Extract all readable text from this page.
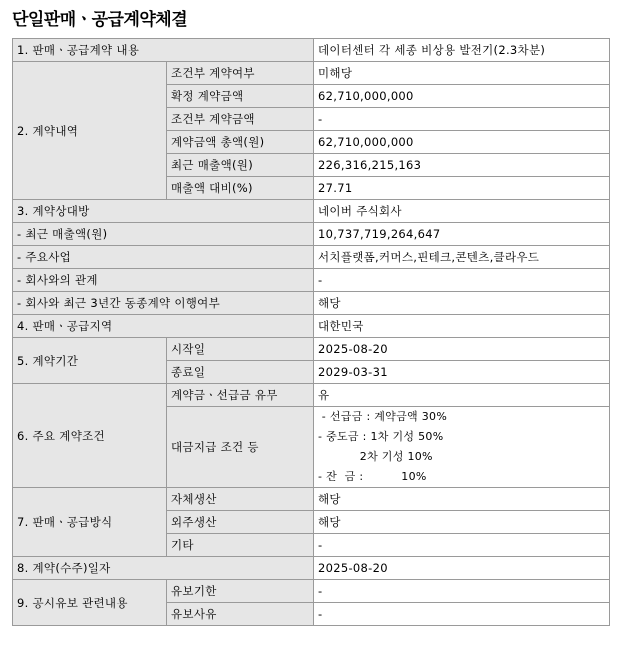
단일판매ㆍ공급계약체결
1. 판매ㆍ공급계약 내용		데이터센터 각 세종 비상용 발전기(2.3차분)
2. 계약내역	조건부 계약여부	미해당
	확정 계약금액	62,710,000,000
	조건부 계약금액	-
	계약금액 총액(원)	62,710,000,000
	최근 매출액(원)	226,316,215,163
	매출액 대비(%)	27.71
3. 계약상대방		네이버 주식회사
- 최근 매출액(원)		10,737,719,264,647
- 주요사업		서치플랫폼,커머스,핀테크,콘텐츠,클라우드
- 회사와의 관계		-
- 회사와 최근 3년간 동종계약 이행여부		해당
4. 판매ㆍ공급지역		대한민국
5. 계약기간	시작일	2025-08-20
	종료일	2029-03-31
6. 주요 계약조건	계약금ㆍ선급금 유무	유
	대금지급 조건 등	- 선급금 : 계약금액 30%
- 중도금 : 1차 기성 50%
2차 기성 10%
- 잔  금 :          10%

7. 판매ㆍ공급방식	자체생산	해당
	외주생산	해당
	기타	-
8. 계약(수주)일자		2025-08-20
9. 공시유보 관련내용	유보기한	-
	유보사유	-
